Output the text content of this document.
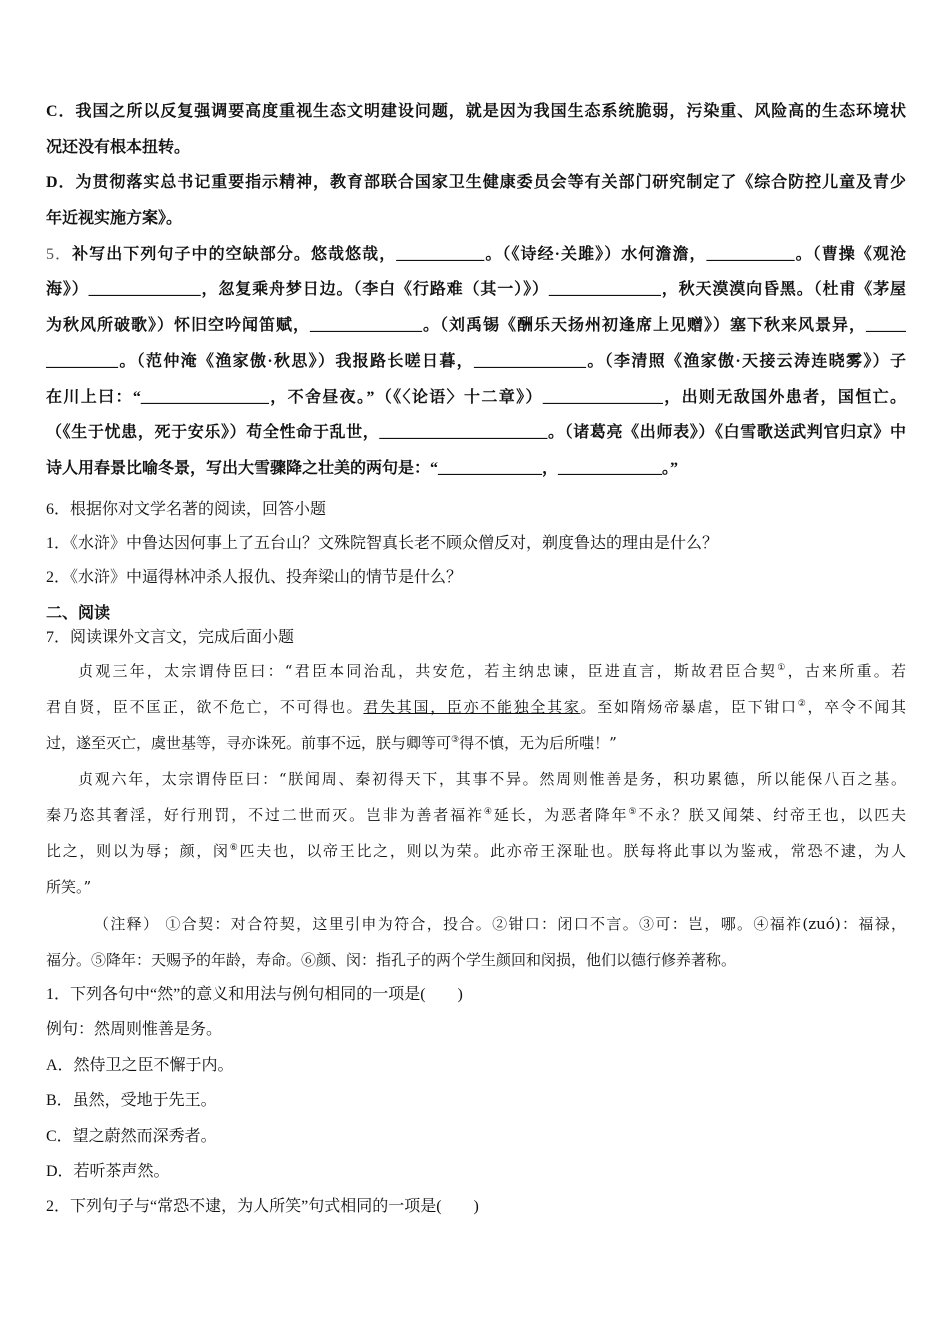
C．我国之所以反复强调要高度重视生态文明建设问题，就是因为我国生态系统脆弱，污染重、风险高的生态环境状
况还没有根本扭转。
D．为贯彻落实总书记重要指示精神，教育部联合国家卫生健康委员会等有关部门研究制定了《综合防控儿童及青少
年近视实施方案》。
5．补写出下列句子中的空缺部分。悠哉悠哉，___________。（《诗经·关雎》）水何澹澹，___________。（曹操《观沧
海》）______________，忽复乘舟梦日边。（李白《行路难（其一）》）______________，秋天漠漠向昏黑。（杜甫《茅屋
为秋风所破歌》）怀旧空吟闻笛赋，______________。（刘禹锡《酬乐天扬州初逢席上见赠》）塞下秋来风景异，_____
_________。（范仲淹《渔家傲·秋思》）我报路长嗟日暮，______________。（李清照《渔家傲·天接云涛连晓雾》）子
在川上曰：“________________，不舍昼夜。”（《〈论语〉十二章》）_______________，出则无敌国外患者，国恒亡。
（《生于忧患，死于安乐》）苟全性命于乱世，_____________________。（诸葛亮《出师表》）《白雪歌送武判官归京》中
诗人用春景比喻冬景，写出大雪骤降之壮美的两句是：“_____________，_____________。”
6．根据你对文学名著的阅读，回答小题
1．《水浒》中鲁达因何事上了五台山？文殊院智真长老不顾众僧反对，剃度鲁达的理由是什么？
2．《水浒》中逼得林冲杀人报仇、投奔梁山的情节是什么？
二、阅读
7．阅读课外文言文，完成后面小题
贞观三年，太宗谓侍臣曰：“君臣本同治乱，共安危，若主纳忠谏，臣进直言，斯故君臣合契①，古来所重。若
君自贤，臣不匡正，欲不危亡，不可得也。君失其国，臣亦不能独全其家。至如隋炀帝暴虐，臣下钳口②，卒令不闻其
过，遂至灭亡，虞世基等，寻亦诛死。前事不远，朕与卿等可③得不慎，无为后所嗤！”
贞观六年，太宗谓侍臣曰：“朕闻周、秦初得天下，其事不异。然周则惟善是务，积功累德，所以能保八百之基。
秦乃恣其奢淫，好行刑罚，不过二世而灭。岂非为善者福祚④延长，为恶者降年⑤不永？朕又闻桀、纣帝王也，以匹夫
比之，则以为辱；颜，闵⑥匹夫也，以帝王比之，则以为荣。此亦帝王深耻也。朕每将此事以为鉴戒，常恐不逮，为人
所笑。”
（注释） ①合契：对合符契，这里引申为符合，投合。②钳口：闭口不言。③可：岂，哪。④福祚(zuó)：福禄，
福分。⑤降年：天赐予的年龄，寿命。⑥颜、闵：指孔子的两个学生颜回和闵损，他们以德行修养著称。
1．下列各句中“然”的意义和用法与例句相同的一项是(　　)
例句：然周则惟善是务。
A．然侍卫之臣不懈于内。
B．虽然，受地于先王。
C．望之蔚然而深秀者。
D．若听茶声然。
2．下列句子与“常恐不逮，为人所笑”句式相同的一项是(　　)
